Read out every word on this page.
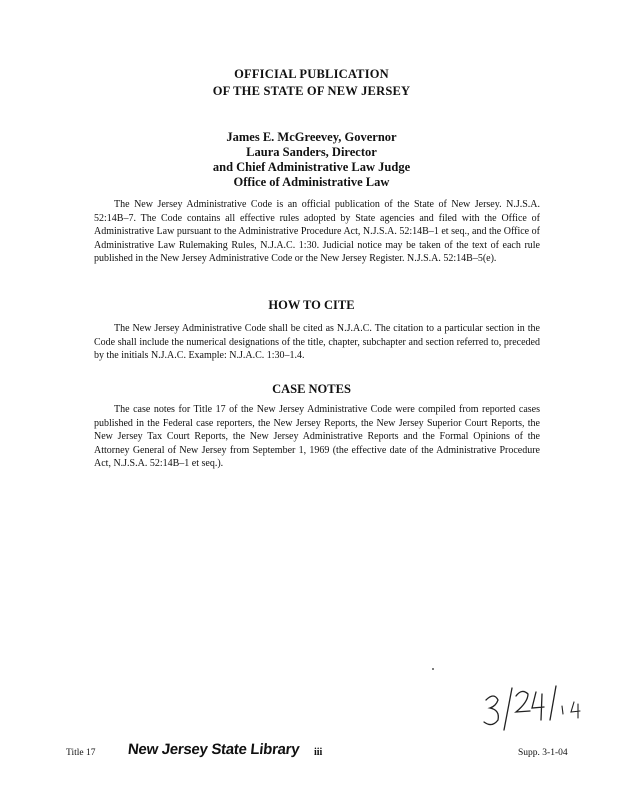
OFFICIAL PUBLICATION
OF THE STATE OF NEW JERSEY
James E. McGreevey, Governor
Laura Sanders, Director
and Chief Administrative Law Judge
Office of Administrative Law

The New Jersey Administrative Code is an official publication of the State of New Jersey. N.J.S.A. 52:14B–7. The Code contains all effective rules adopted by State agencies and filed with the Office of Administrative Law pursuant to the Administrative Procedure Act, N.J.S.A. 52:14B–1 et seq., and the Office of Administrative Law Rulemaking Rules, N.J.A.C. 1:30. Judicial notice may be taken of the text of each rule published in the New Jersey Administrative Code or the New Jersey Register. N.J.S.A. 52:14B–5(e).

HOW TO CITE

The New Jersey Administrative Code shall be cited as N.J.A.C. The citation to a particular section in the Code shall include the numerical designations of the title, chapter, subchapter and section referred to, preceded by the initials N.J.A.C. Example: N.J.A.C. 1:30–1.4.

CASE NOTES

The case notes for Title 17 of the New Jersey Administrative Code were compiled from reported cases published in the Federal case reporters, the New Jersey Reports, the New Jersey Superior Court Reports, the New Jersey Tax Court Reports, the New Jersey Administrative Reports and the Formal Opinions of the Attorney General of New Jersey from September 1, 1969 (the effective date of the Administrative Procedure Act, N.J.S.A. 52:14B–1 et seq.).

Title 17 New Jersey State Library iii	Supp. 3-1-04
